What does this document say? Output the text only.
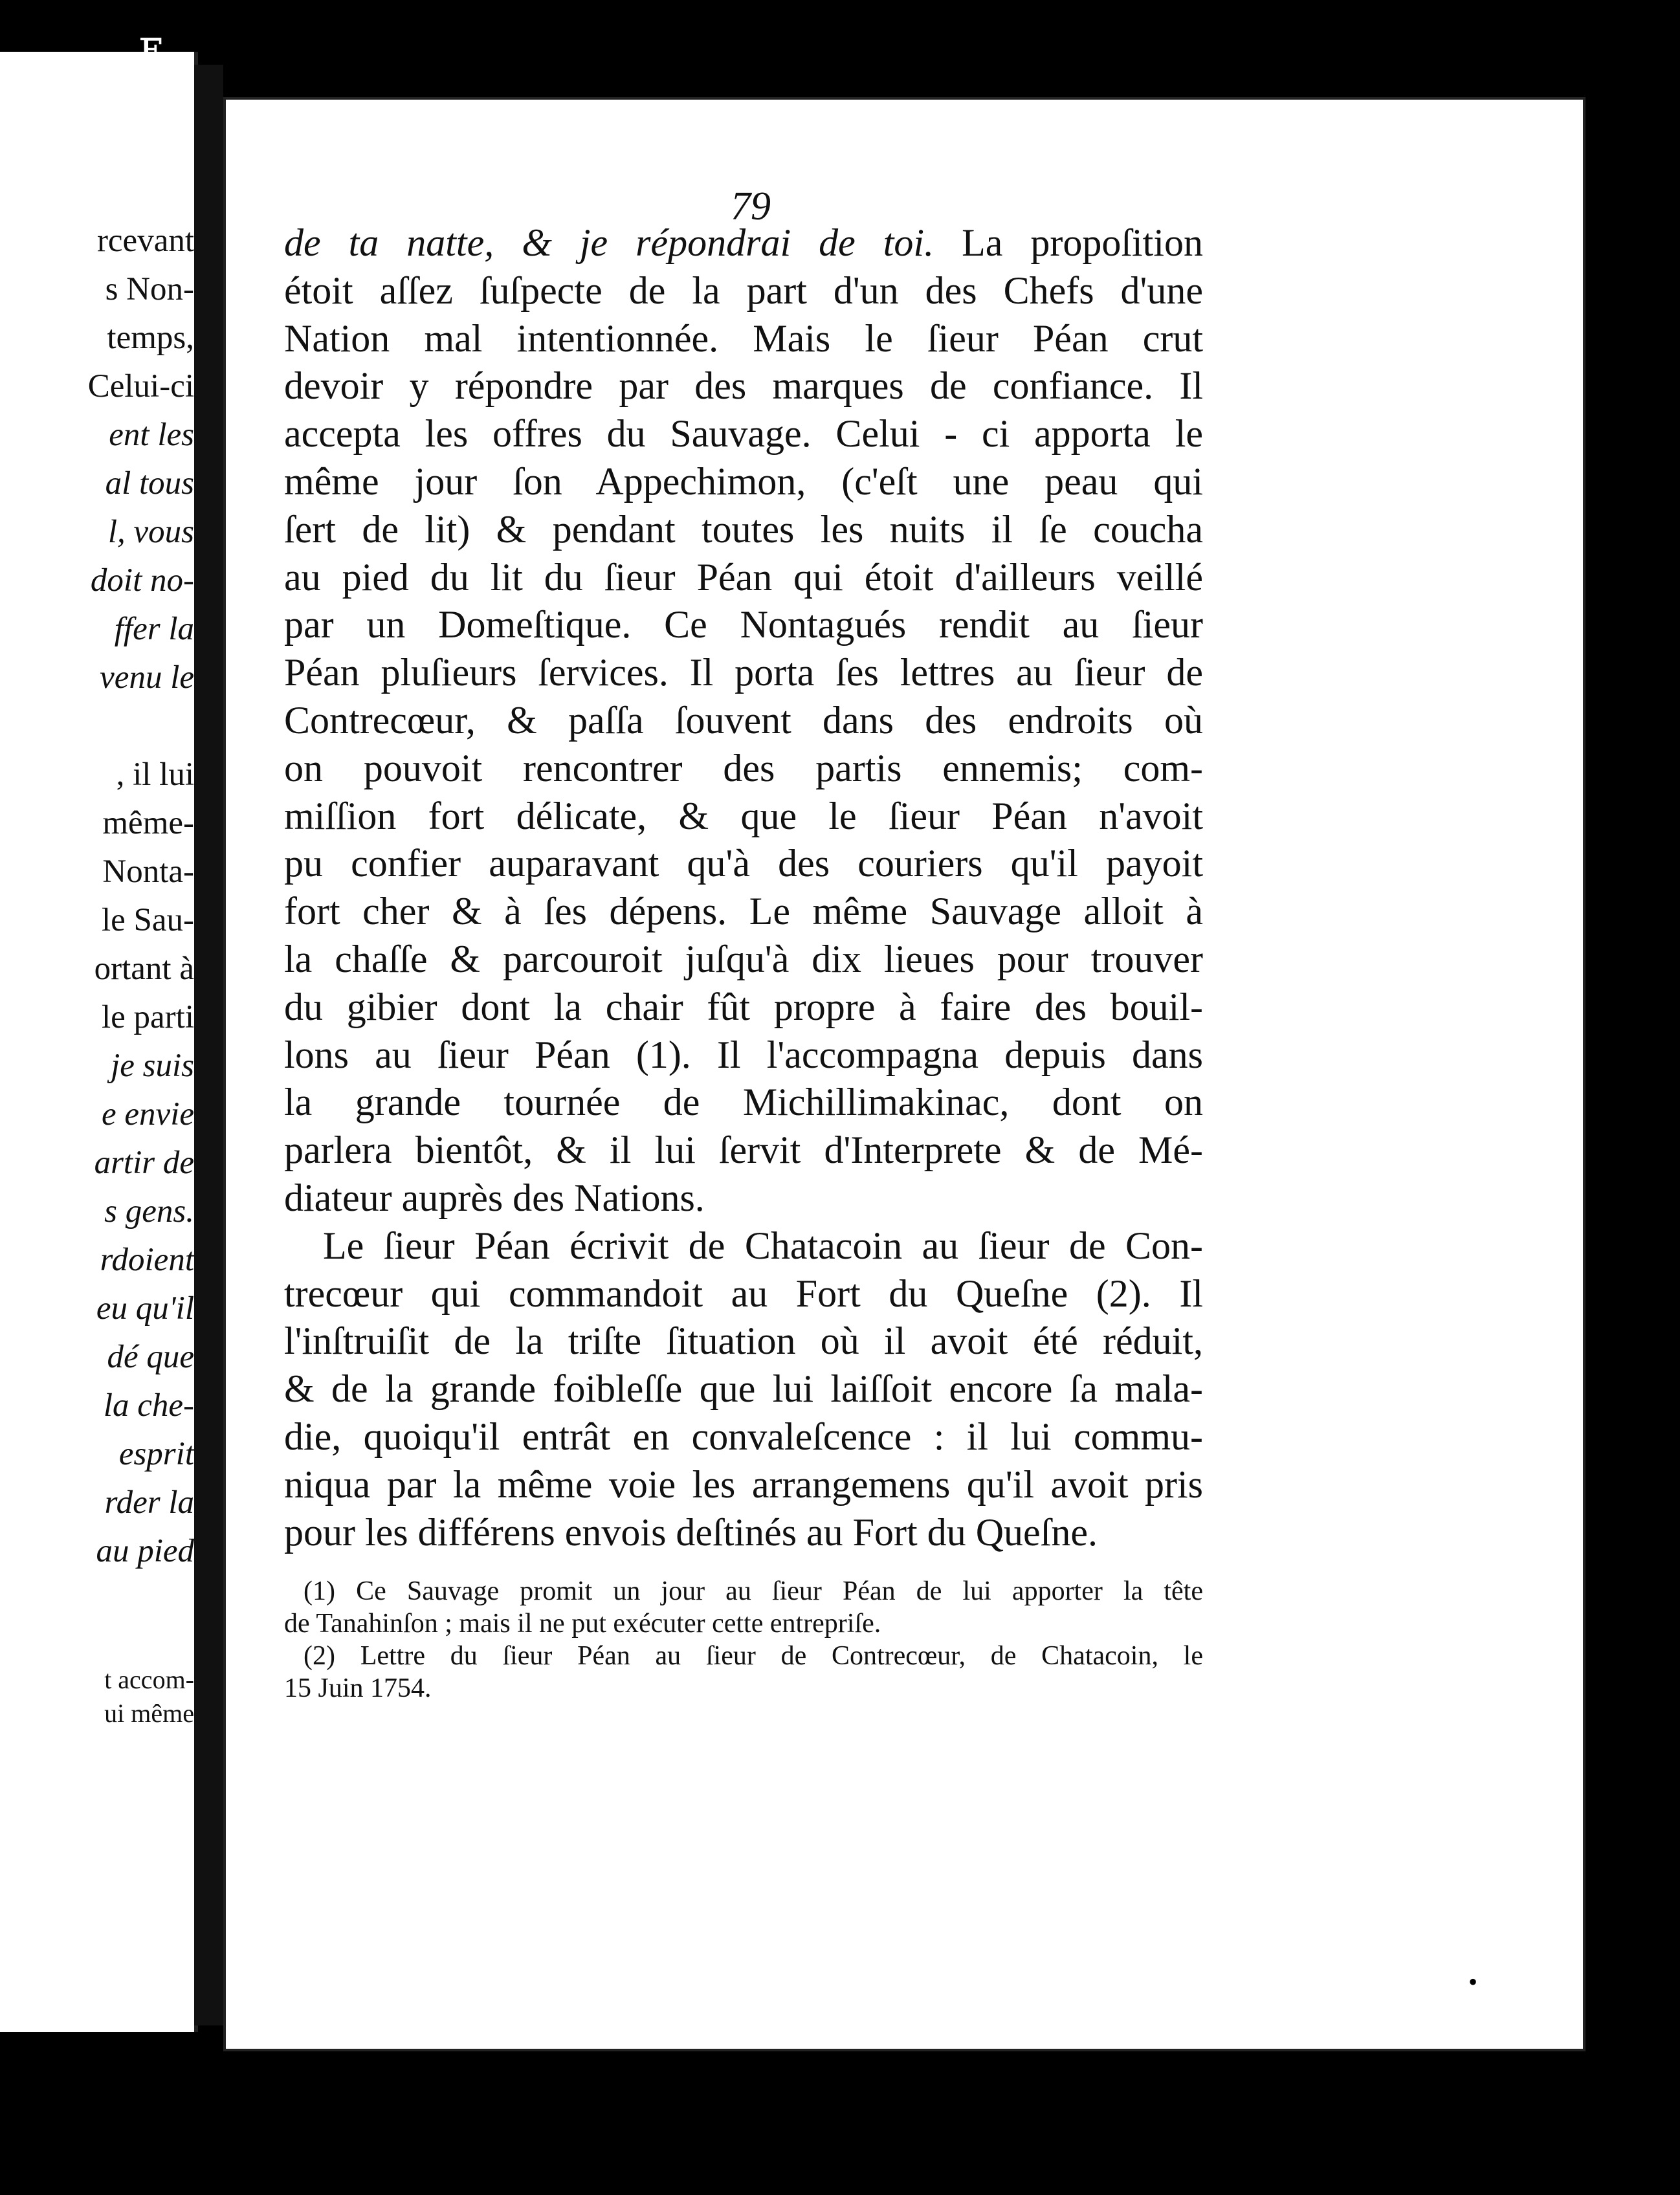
rcevant
s Non-
temps,
Celui-ci
ent les
al tous
l, vous
doit no-
ffer la
venu le

, il lui
même-
Nonta-
le Sau-
ortant à
le parti
je suis
e envie
artir de
s gens.
rdoient
eu qu'il
dé que
la che-
esprit
rder la
au pied
t accom-
ui même
79
de ta natte, & je répondrai de toi. La propoſition
étoit aſſez ſuſpecte de la part d'un des Chefs d'une
Nation mal intentionnée. Mais le ſieur Péan crut
devoir y répondre par des marques de confiance. Il
accepta les offres du Sauvage. Celui - ci apporta le
même jour ſon Appechimon, (c'eſt une peau qui
ſert de lit) & pendant toutes les nuits il ſe coucha
au pied du lit du ſieur Péan qui étoit d'ailleurs veillé
par un Domeſtique. Ce Nontagués rendit au ſieur
Péan pluſieurs ſervices. Il porta ſes lettres au ſieur de
Contrecœur, & paſſa ſouvent dans des endroits où
on pouvoit rencontrer des partis ennemis; com-
miſſion fort délicate, & que le ſieur Péan n'avoit
pu confier auparavant qu'à des couriers qu'il payoit
fort cher & à ſes dépens. Le même Sauvage alloit à
la chaſſe & parcouroit juſqu'à dix lieues pour trouver
du gibier dont la chair fût propre à faire des bouil-
lons au ſieur Péan (1). Il l'accompagna depuis dans
la grande tournée de Michillimakinac, dont on
parlera bientôt, & il lui ſervit d'Interprete & de Mé-
diateur auprès des Nations.
Le ſieur Péan écrivit de Chatacoin au ſieur de Con-
trecœur qui commandoit au Fort du Queſne (2). Il
l'inſtruiſit de la triſte ſituation où il avoit été réduit,
& de la grande foibleſſe que lui laiſſoit encore ſa mala-
die, quoiqu'il entrât en convaleſcence : il lui commu-
niqua par la même voie les arrangemens qu'il avoit pris
pour les différens envois deſtinés au Fort du Queſne.
(1) Ce Sauvage promit un jour au ſieur Péan de lui apporter la tête
de Tanahinſon ; mais il ne put exécuter cette entrepriſe.
(2) Lettre du ſieur Péan au ſieur de Contrecœur, de Chatacoin, le
15 Juin 1754.
•
ꜰ
